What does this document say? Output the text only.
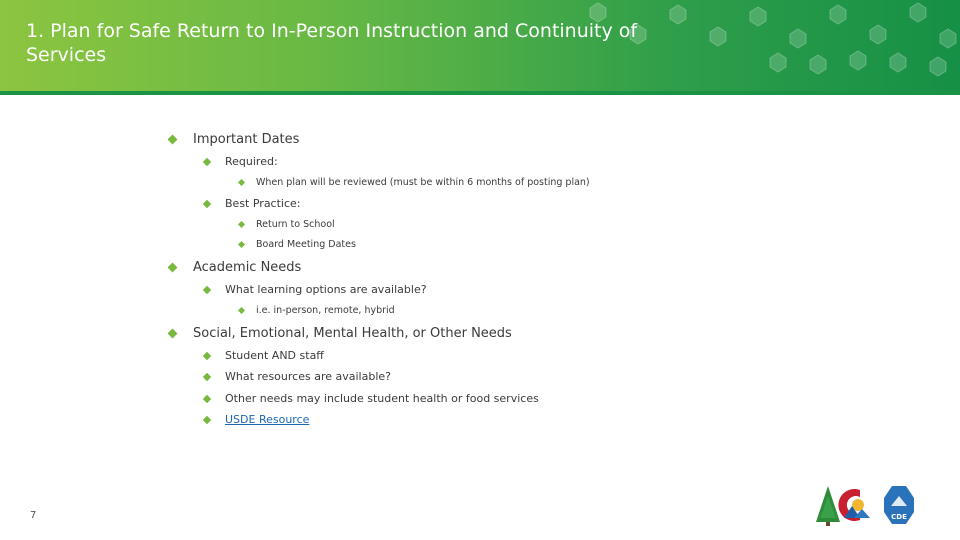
1. Plan for Safe Return to In-Person Instruction and Continuity of Services
Important Dates
Required:
When plan will be reviewed (must be within 6 months of posting plan)
Best Practice:
Return to School
Board Meeting Dates
Academic Needs
What learning options are available?
i.e. in-person, remote, hybrid
Social, Emotional, Mental Health, or Other Needs
Student AND staff
What resources are available?
Other needs may include student health or food services
USDE Resource
7	CDE
